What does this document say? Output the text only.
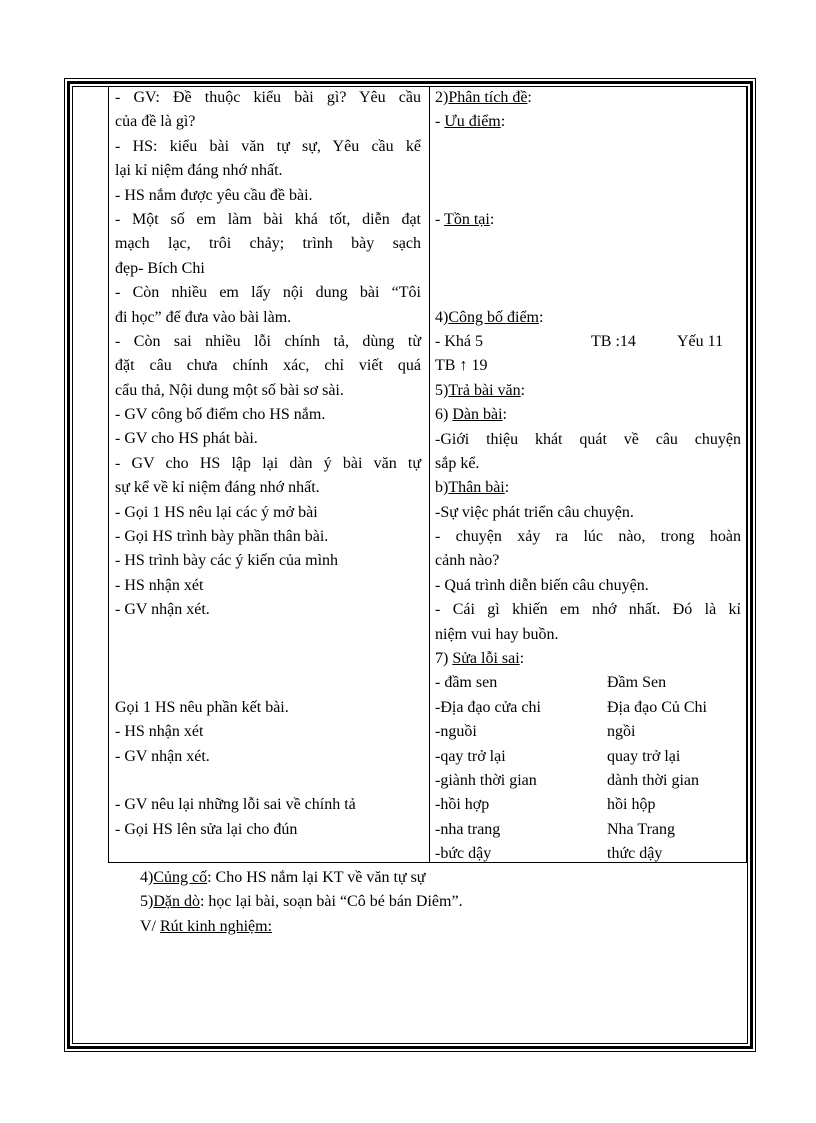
- GV: Đề thuộc kiểu bài gì? Yêu cầu
của đề là gì?
- HS: kiểu bài văn tự sự, Yêu cầu kể
lại kỉ niệm đáng nhớ nhất.
- HS nắm được yêu cầu đề bài.
- Một số em làm bài khá tốt, diễn đạt
mạch lạc, trôi chảy; trình bày sạch
đẹp- Bích Chi
- Còn nhiều em lấy nội dung bài “Tôi
đi học” để đưa vào bài làm.
- Còn sai nhiều lỗi chính tả, dùng từ
đặt câu chưa chính xác, chỉ viết quá
cẩu thả, Nội dung một số bài sơ sài.
- GV công bố điểm cho HS nắm.
- GV cho HS phát bài.
- GV cho HS lập lại dàn ý bài văn tự
sự kể về kỉ niệm đáng nhớ nhất.
- Gọi 1 HS nêu lại các ý mở bài
- Gọi HS trình bày phần thân bài.
- HS trình bày các ý kiến của mình
- HS nhận xét
- GV nhận xét.
Gọi 1 HS nêu phần kết bài.
- HS nhận xét
- GV nhận xét.
- GV nêu lại những lỗi sai về chính tả
- Gọi HS lên sửa lại cho đún
2)Phân tích đề:
- Ưu điểm:
- Tồn tại:
4)Công bố điểm:
- Khá 5	TB :14	Yếu 11
TB ↑ 19
5)Trả bài văn:
6) Dàn bài:
-Giới thiệu khát quát về câu chuyện
sắp kể.
b)Thân bài:
-Sự việc phát triển câu chuyện.
- chuyện xảy ra lúc nào, trong hoàn
cảnh nào?
- Quá trình diễn biến câu chuyện.
- Cái gì khiến em nhớ nhất. Đó là kỉ
niệm vui hay buồn.
7) Sửa lỗi sai:
- đầm sen	Đầm Sen
-Địa đạo cửa chi	Địa đạo Củ Chi
-nguồi	ngồi
-qay trở lại	quay trở lại
-giành thời gian	dành thời gian
-hồi hợp	hồi hộp
-nha trang	Nha Trang
-bức dậy	thức dậy
4)Củng cố: Cho HS nắm lại KT về văn tự sự
5)Dặn dò: học lại bài, soạn bài “Cô bé bán Diêm”.
V/ Rút kinh nghiệm:
